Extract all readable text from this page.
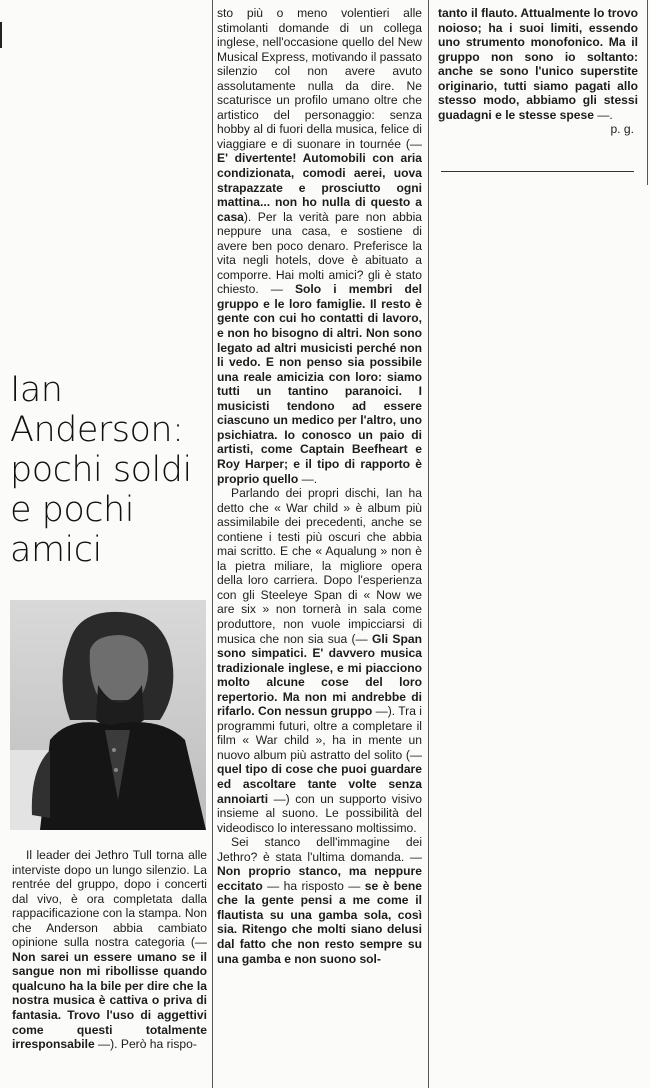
Ian
Anderson:
pochi soldi
e pochi
amici

Il leader dei Jethro Tull torna alle interviste dopo un lungo silenzio. La rentrée del gruppo, dopo i concerti dal vivo, è ora completata dalla rappacificazione con la stampa. Non che Anderson abbia cambiato opinione sulla nostra categoria (— Non sarei un essere umano se il sangue non mi ribollisse quando qualcuno ha la bile per dire che la nostra musica è cattiva o priva di fantasia. Trovo l'uso di aggettivi come questi totalmente irresponsabile —). Però ha rispo-

sto più o meno volentieri alle stimolanti domande di un collega inglese, nell'occasione quello del New Musical Express, motivando il passato silenzio col non avere avuto assolutamente nulla da dire. Ne scaturisce un profilo umano oltre che artistico del personaggio: senza hobby al di fuori della musica, felice di viaggiare e di suonare in tournée (— E' divertente! Automobili con aria condizionata, comodi aerei, uova strapazzate e prosciutto ogni mattina... non ho nulla di questo a casa). Per la verità pare non abbia neppure una casa, e sostiene di avere ben poco denaro. Preferisce la vita negli hotels, dove è abituato a comporre. Hai molti amici? gli è stato chiesto. — Solo i membri del gruppo e le loro famiglie. Il resto è gente con cui ho contatti di lavoro, e non ho bisogno di altri. Non sono legato ad altri musicisti perché non li vedo. E non penso sia possibile una reale amicizia con loro: siamo tutti un tantino paranoici. I musicisti tendono ad essere ciascuno un medico per l'altro, uno psichiatra. Io conosco un paio di artisti, come Captain Beefheart e Roy Harper; e il tipo di rapporto è proprio quello —.

Parlando dei propri dischi, Ian ha detto che « War child » è album più assimilabile dei precedenti, anche se contiene i testi più oscuri che abbia mai scritto. E che « Aqualung » non è la pietra miliare, la migliore opera della loro carriera. Dopo l'esperienza con gli Steeleye Span di « Now we are six » non tornerà in sala come produttore, non vuole impicciarsi di musica che non sia sua (— Gli Span sono simpatici. E' davvero musica tradizionale inglese, e mi piacciono molto alcune cose del loro repertorio. Ma non mi andrebbe di rifarlo. Con nessun gruppo —). Tra i programmi futuri, oltre a completare il film « War child », ha in mente un nuovo album più astratto del solito (— quel tipo di cose che puoi guardare ed ascoltare tante volte senza annoiarti —) con un supporto visivo insieme al suono. Le possibilità del videodisco lo interessano moltissimo.

Sei stanco dell'immagine dei Jethro? è stata l'ultima domanda. — Non proprio stanco, ma neppure eccitato — ha risposto — se è bene che la gente pensi a me come il flautista su una gamba sola, così sia. Ritengo che molti siano delusi dal fatto che non resto sempre su una gamba e non suono sol-

tanto il flauto. Attualmente lo trovo noioso; ha i suoi limiti, essendo uno strumento monofonico. Ma il gruppo non sono io soltanto: anche se sono l'unico superstite originario, tutti siamo pagati allo stesso modo, abbiamo gli stessi guadagni e le stesse spese —.

p. g.
